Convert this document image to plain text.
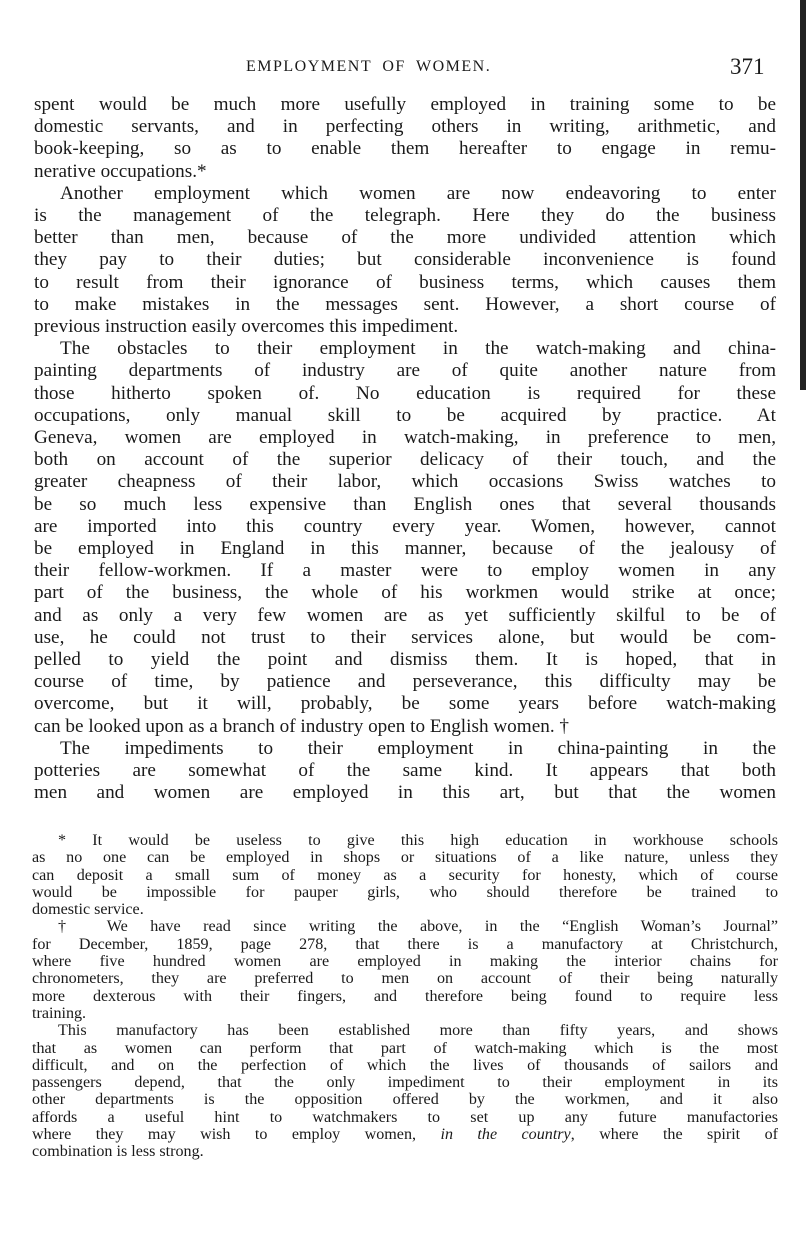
EMPLOYMENT OF WOMEN.	371
spent would be much more usefully employed in training some to be
domestic servants, and in perfecting others in writing, arithmetic, and
book-keeping, so as to enable them hereafter to engage in remu-
nerative occupations.*
Another employment which women are now endeavoring to enter
is the management of the telegraph. Here they do the business
better than men, because of the more undivided attention which
they pay to their duties; but considerable inconvenience is found
to result from their ignorance of business terms, which causes them
to make mistakes in the messages sent. However, a short course of
previous instruction easily overcomes this impediment.
The obstacles to their employment in the watch-making and china-
painting departments of industry are of quite another nature from
those hitherto spoken of. No education is required for these
occupations, only manual skill to be acquired by practice. At
Geneva, women are employed in watch-making, in preference to men,
both on account of the superior delicacy of their touch, and the
greater cheapness of their labor, which occasions Swiss watches to
be so much less expensive than English ones that several thousands
are imported into this country every year. Women, however, cannot
be employed in England in this manner, because of the jealousy of
their fellow-workmen. If a master were to employ women in any
part of the business, the whole of his workmen would strike at once;
and as only a very few women are as yet sufficiently skilful to be of
use, he could not trust to their services alone, but would be com-
pelled to yield the point and dismiss them. It is hoped, that in
course of time, by patience and perseverance, this difficulty may be
overcome, but it will, probably, be some years before watch-making
can be looked upon as a branch of industry open to English women. †
The impediments to their employment in china-painting in the
potteries are somewhat of the same kind. It appears that both
men and women are employed in this art, but that the women
* It would be useless to give this high education in workhouse schools
as no one can be employed in shops or situations of a like nature, unless they
can deposit a small sum of money as a security for honesty, which of course
would be impossible for pauper girls, who should therefore be trained to
domestic service.
† We have read since writing the above, in the “English Woman’s Journal”
for December, 1859, page 278, that there is a manufactory at Christchurch,
where five hundred women are employed in making the interior chains for
chronometers, they are preferred to men on account of their being naturally
more dexterous with their fingers, and therefore being found to require less
training.
This manufactory has been established more than fifty years, and shows
that as women can perform that part of watch-making which is the most
difficult, and on the perfection of which the lives of thousands of sailors and
passengers depend, that the only impediment to their employment in its
other departments is the opposition offered by the workmen, and it also
affords a useful hint to watchmakers to set up any future manufactories
where they may wish to employ women, in the country, where the spirit of
combination is less strong.
